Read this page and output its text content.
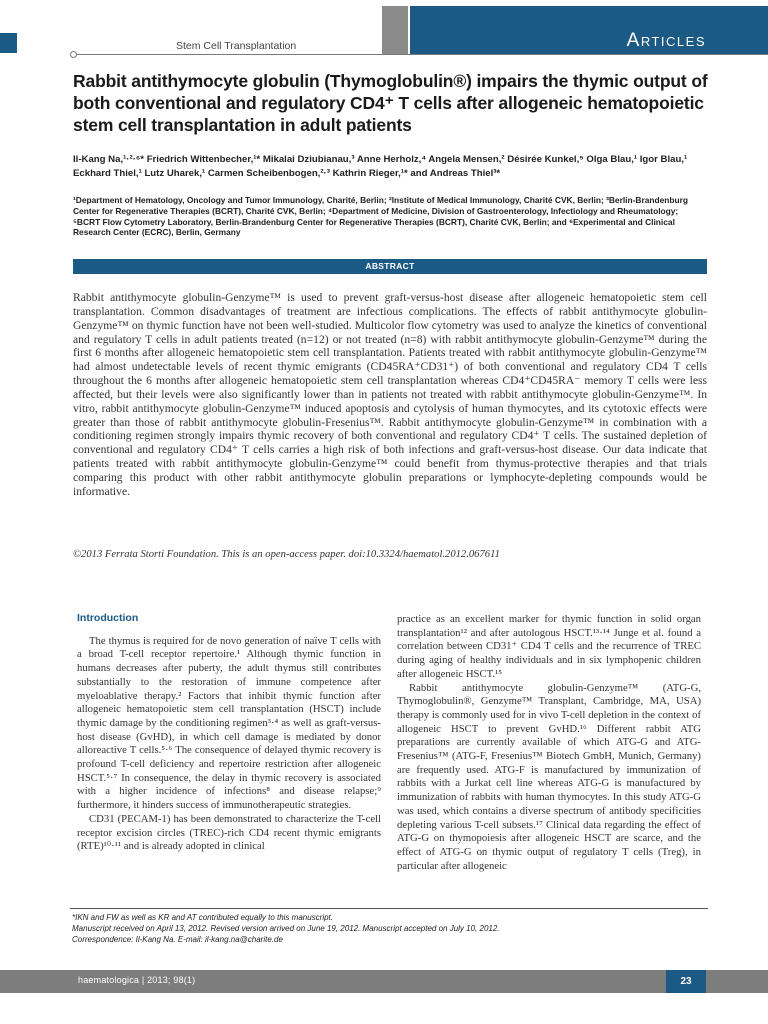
Articles
Stem Cell Transplantation
Rabbit antithymocyte globulin (Thymoglobulin®) impairs the thymic output of both conventional and regulatory CD4⁺ T cells after allogeneic hematopoietic stem cell transplantation in adult patients
Il-Kang Na,¹·²·⁶* Friedrich Wittenbecher,¹* Mikalai Dziubianau,³ Anne Herholz,⁴ Angela Mensen,² Désirée Kunkel,⁵ Olga Blau,¹ Igor Blau,¹ Eckhard Thiel,¹ Lutz Uharek,¹ Carmen Scheibenbogen,²·³ Kathrin Rieger,¹* and Andreas Thiel³*
¹Department of Hematology, Oncology and Tumor Immunology, Charité, Berlin; ²Institute of Medical Immunology, Charité CVK, Berlin; ³Berlin-Brandenburg Center for Regenerative Therapies (BCRT), Charité CVK, Berlin; ⁴Department of Medicine, Division of Gastroenterology, Infectiology and Rheumatology; ⁵BCRT Flow Cytometry Laboratory, Berlin-Brandenburg Center for Regenerative Therapies (BCRT), Charité CVK, Berlin; and ⁶Experimental and Clinical Research Center (ECRC), Berlin, Germany
ABSTRACT

Rabbit antithymocyte globulin-Genzyme™ is used to prevent graft-versus-host disease after allogeneic hematopoietic stem cell transplantation. Common disadvantages of treatment are infectious complications. The effects of rabbit antithymocyte globulin-Genzyme™ on thymic function have not been well-studied. Multicolor flow cytometry was used to analyze the kinetics of conventional and regulatory T cells in adult patients treated (n=12) or not treated (n=8) with rabbit antithymocyte globulin-Genzyme™ during the first 6 months after allogeneic hematopoietic stem cell transplantation. Patients treated with rabbit antithymocyte globulin-Genzyme™ had almost undetectable levels of recent thymic emigrants (CD45RA⁺CD31⁺) of both conventional and regulatory CD4 T cells throughout the 6 months after allogeneic hematopoietic stem cell transplantation whereas CD4⁺CD45RA⁻ memory T cells were less affected, but their levels were also significantly lower than in patients not treated with rabbit antithymocyte globulin-Genzyme™. In vitro, rabbit antithymocyte globulin-Genzyme™ induced apoptosis and cytolysis of human thymocytes, and its cytotoxic effects were greater than those of rabbit antithymocyte globulin-Fresenius™. Rabbit antithymocyte globulin-Genzyme™ in combination with a conditioning regimen strongly impairs thymic recovery of both conventional and regulatory CD4⁺ T cells. The sustained depletion of conventional and regulatory CD4⁺ T cells carries a high risk of both infections and graft-versus-host disease. Our data indicate that patients treated with rabbit antithymocyte globulin-Genzyme™ could benefit from thymus-protective therapies and that trials comparing this product with other rabbit antithymocyte globulin preparations or lymphocyte-depleting compounds would be informative.

©2013 Ferrata Storti Foundation. This is an open-access paper. doi:10.3324/haematol.2012.067611

Introduction

The thymus is required for de novo generation of naïve T cells with a broad T-cell receptor repertoire.¹ Although thymic function in humans decreases after puberty, the adult thymus still contributes substantially to the restoration of immune competence after myeloablative therapy.² Factors that inhibit thymic function after allogeneic hematopoietic stem cell transplantation (HSCT) include thymic damage by the conditioning regimen³·⁴ as well as graft-versus-host disease (GvHD), in which cell damage is mediated by donor alloreactive T cells.⁵·⁶ The consequence of delayed thymic recovery is profound T-cell deficiency and repertoire restriction after allogeneic HSCT.⁵·⁷ In consequence, the delay in thymic recovery is associated with a higher incidence of infections⁸ and disease relapse;⁹ furthermore, it hinders success of immunotherapeutic strategies.

CD31 (PECAM-1) has been demonstrated to characterize the T-cell receptor excision circles (TREC)-rich CD4 recent thymic emigrants (RTE)¹⁰·¹¹ and is already adopted in clinical

practice as an excellent marker for thymic function in solid organ transplantation¹² and after autologous HSCT.¹³·¹⁴ Junge et al. found a correlation between CD31⁺ CD4 T cells and the recurrence of TREC during aging of healthy individuals and in six lymphopenic children after allogeneic HSCT.¹⁵

Rabbit antithymocyte globulin-Genzyme™ (ATG-G, Thymoglobulin®, Genzyme™ Transplant, Cambridge, MA, USA) therapy is commonly used for in vivo T-cell depletion in the context of allogeneic HSCT to prevent GvHD.¹⁶ Different rabbit ATG preparations are currently available of which ATG-G and ATG-Fresenius™ (ATG-F, Fresenius™ Biotech GmbH, Munich, Germany) are frequently used. ATG-F is manufactured by immunization of rabbits with a Jurkat cell line whereas ATG-G is manufactured by immunization of rabbits with human thymocytes. In this study ATG-G was used, which contains a diverse spectrum of antibody specificities depleting various T-cell subsets.¹⁷ Clinical data regarding the effect of ATG-G on thymopoiesis after allogeneic HSCT are scarce, and the effect of ATG-G on thymic output of regulatory T cells (Treg), in particular after allogeneic

*IKN and FW as well as KR and AT contributed equally to this manuscript.
Manuscript received on April 13, 2012. Revised version arrived on June 19, 2012. Manuscript accepted on July 10, 2012.
Correspondence: Il-Kang Na. E-mail: il-kang.na@charite.de
haematologica | 2013; 98(1)	23
